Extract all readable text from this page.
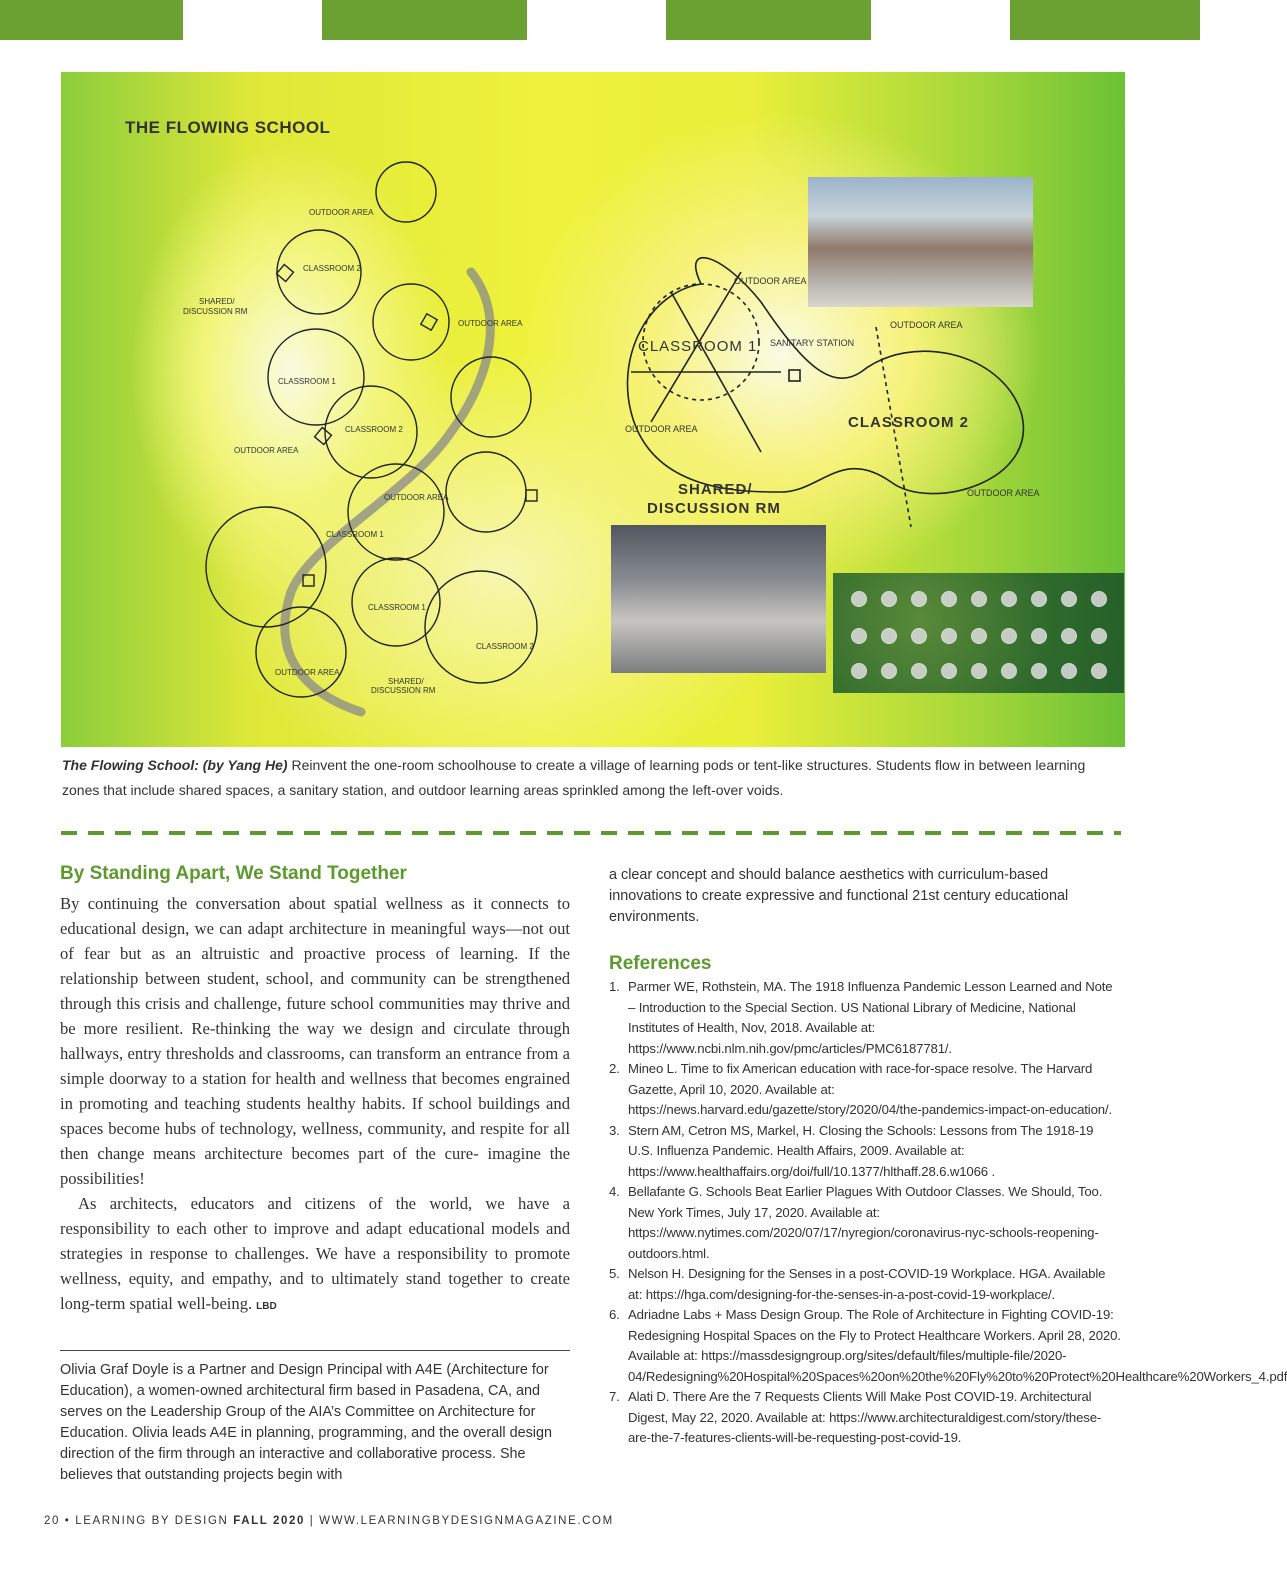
THE FLOWING SCHOOL
OUTDOOR AREA
CLASSROOM 2
SHARED/
DISCUSSION RM
OUTDOOR AREA
CLASSROOM 1
CLASSROOM 2
OUTDOOR AREA
OUTDOOR AREA
CLASSROOM 1
CLASSROOM 1
CLASSROOM 2
OUTDOOR AREA
SHARED/
DISCUSSION RM
OUTDOOR AREA
OUTDOOR AREA
CLASSROOM 1 SANITARY STATION
OUTDOOR AREA	CLASSROOM 2
OUTDOOR AREA
SHARED/
DISCUSSION RM
The Flowing School: (by Yang He) Reinvent the one-room schoolhouse to create a village of learning pods or tent-like structures. Students flow in between learning zones that include shared spaces, a sanitary station, and outdoor learning areas sprinkled among the left-over voids.
By Standing Apart, We Stand Together

By continuing the conversation about spatial wellness as it connects to educational design, we can adapt architecture in meaningful ways—not out of fear but as an altruistic and proactive process of learning. If the relationship between student, school, and community can be strengthened through this crisis and challenge, future school communities may thrive and be more resilient. Re-thinking the way we design and circulate through hallways, entry thresholds and classrooms, can transform an entrance from a simple doorway to a station for health and wellness that becomes engrained in promoting and teaching students healthy habits. If school buildings and spaces become hubs of technology, wellness, community, and respite for all then change means architecture becomes part of the cure- imagine the possibilities!

As architects, educators and citizens of the world, we have a responsibility to each other to improve and adapt educational models and strategies in response to challenges. We have a responsibility to promote wellness, equity, and empathy, and to ultimately stand together to create long-term spatial well-being. LBD

Olivia Graf Doyle is a Partner and Design Principal with A4E (Architecture for Education), a women-owned architectural firm based in Pasadena, CA, and serves on the Leadership Group of the AIA’s Committee on Architecture for Education. Olivia leads A4E in planning, programming, and the overall design direction of the firm through an interactive and collaborative process. She believes that outstanding projects begin with
a clear concept and should balance aesthetics with curriculum-based innovations to create expressive and functional 21st century educational environments.
References
1. Parmer WE, Rothstein, MA. The 1918 Influenza Pandemic Lesson Learned and Note – Introduction to the Special Section. US National Library of Medicine, National Institutes of Health, Nov, 2018. Available at: https://www.ncbi.nlm.nih.gov/pmc/articles/PMC6187781/.
2. Mineo L. Time to fix American education with race-for-space resolve. The Harvard Gazette, April 10, 2020. Available at: https://news.harvard.edu/gazette/story/2020/04/the-pandemics-impact-on-education/.
3. Stern AM, Cetron MS, Markel, H. Closing the Schools: Lessons from The 1918-19 U.S. Influenza Pandemic. Health Affairs, 2009. Available at: https://www.healthaffairs.org/doi/full/10.1377/hlthaff.28.6.w1066 .
4. Bellafante G. Schools Beat Earlier Plagues With Outdoor Classes. We Should, Too. New York Times, July 17, 2020. Available at: https://www.nytimes.com/2020/07/17/nyregion/coronavirus-nyc-schools-reopening-outdoors.html.
5. Nelson H. Designing for the Senses in a post-COVID-19 Workplace. HGA. Available at: https://hga.com/designing-for-the-senses-in-a-post-covid-19-workplace/.
6. Adriadne Labs + Mass Design Group. The Role of Architecture in Fighting COVID-19: Redesigning Hospital Spaces on the Fly to Protect Healthcare Workers. April 28, 2020. Available at: https://massdesigngroup.org/sites/default/files/multiple-file/2020-04/Redesigning%20Hospital%20Spaces%20on%20the%20Fly%20to%20Protect%20Healthcare%20Workers_4.pdf
7. Alati D. There Are the 7 Requests Clients Will Make Post COVID-19. Architectural Digest, May 22, 2020. Available at: https://www.architecturaldigest.com/story/these-are-the-7-features-clients-will-be-requesting-post-covid-19.
20 • LEARNING BY DESIGN FALL 2020 | WWW.LEARNINGBYDESIGNMAGAZINE.COM
